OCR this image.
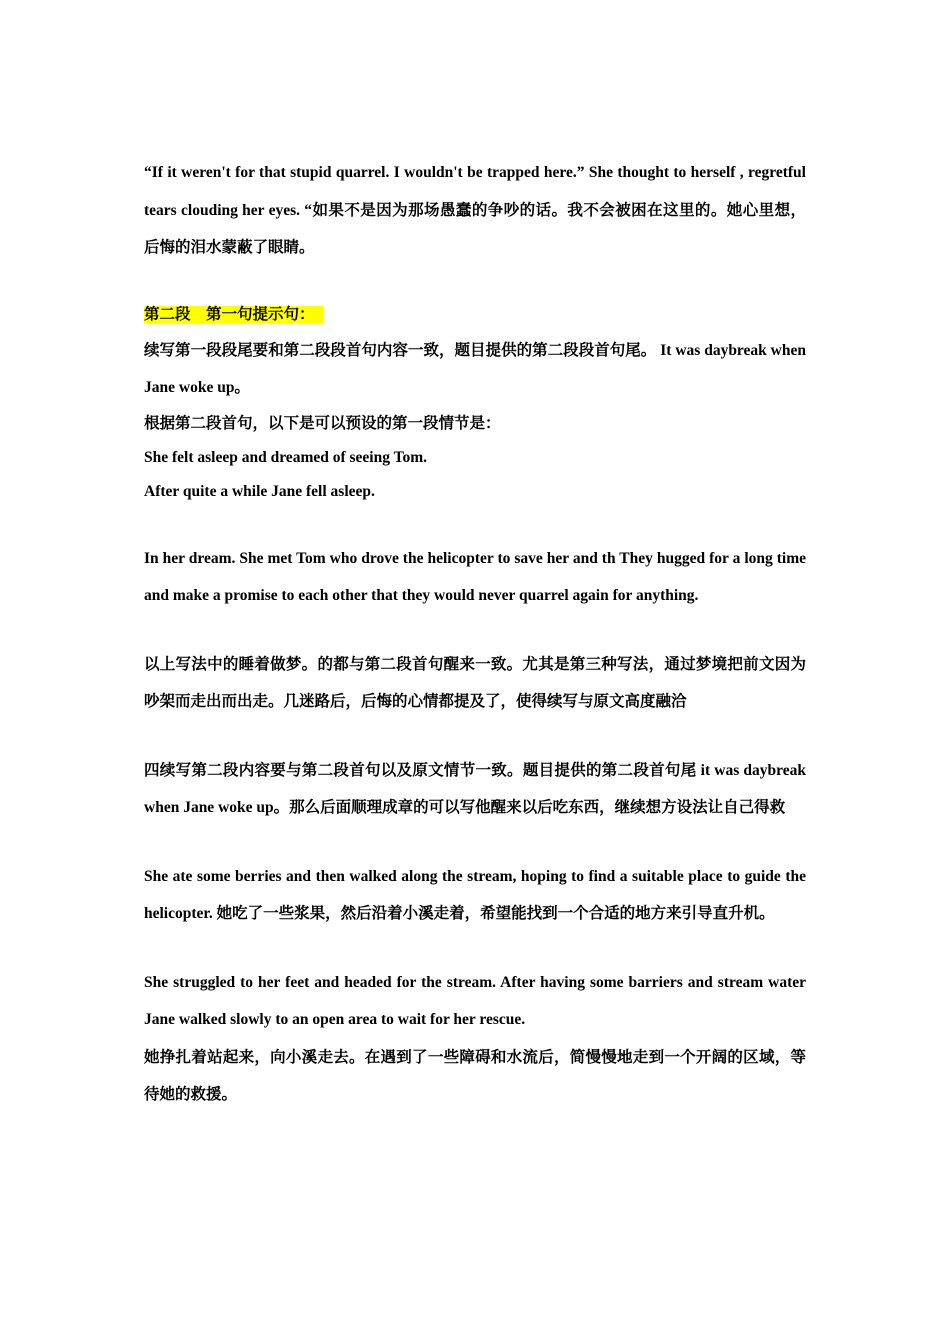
“If it weren't for that stupid quarrel. I wouldn't be trapped here.” She thought to herself , regretful tears clouding her eyes. “如果不是因为那场愚蠢的争吵的话。我不会被困在这里的。她心里想，后悔的泪水蒙蔽了眼睛。

第二段　第一句提示句：

续写第一段段尾要和第二段段首句内容一致，题目提供的第二段段首句尾。 It was daybreak when Jane woke up。

根据第二段首句，以下是可以预设的第一段情节是：

She felt asleep and dreamed of seeing Tom.

After quite a while Jane fell asleep.

In her dream. She met Tom who drove the helicopter to save her and th They hugged for a long time and make a promise to each other that they would never quarrel again for anything.

以上写法中的睡着做梦。的都与第二段首句醒来一致。尤其是第三种写法，通过梦境把前文因为吵架而走出而出走。几迷路后，后悔的心情都提及了，使得续写与原文高度融洽

四续写第二段内容要与第二段首句以及原文情节一致。题目提供的第二段首句尾 it was daybreak when Jane woke up。那么后面顺理成章的可以写他醒来以后吃东西，继续想方设法让自己得救

She ate some berries and then walked along the stream, hoping to find a suitable place to guide the helicopter. 她吃了一些浆果，然后沿着小溪走着，希望能找到一个合适的地方来引导直升机。

She struggled to her feet and headed for the stream. After having some barriers and stream water Jane walked slowly to an open area to wait for her rescue.

她挣扎着站起来，向小溪走去。在遇到了一些障碍和水流后，简慢慢地走到一个开阔的区域，等待她的救援。
